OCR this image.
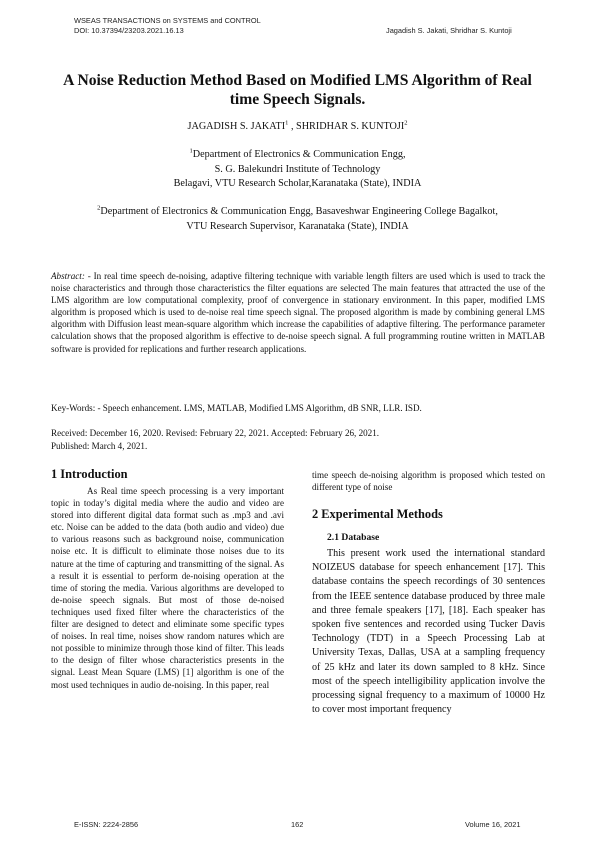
WSEAS TRANSACTIONS on SYSTEMS and CONTROL
DOI: 10.37394/23203.2021.16.13	Jagadish S. Jakati, Shridhar S. Kuntoji
A Noise Reduction Method Based on Modified LMS Algorithm of Real
time Speech Signals.
JAGADISH S. JAKATI$^1$ , SHRIDHAR S. KUNTOJI$^2$
$^1$Department of Electronics & Communication Engg,
S. G. Balekundri Institute of Technology
Belagavi, VTU Research Scholar,Karanataka (State), INDIA
$^2$Department of Electronics & Communication Engg, Basaveshwar Engineering College Bagalkot,
VTU Research Supervisor, Karanataka (State), INDIA
Abstract: - In real time speech de-noising, adaptive filtering technique with variable length filters are used which is used to track the noise characteristics and through those characteristics the filter equations are selected The main features that attracted the use of the LMS algorithm are low computational complexity, proof of convergence in stationary environment. In this paper, modified LMS algorithm is proposed which is used to de-noise real time speech signal. The proposed algorithm is made by combining general LMS algorithm with Diffusion least mean-square algorithm which increase the capabilities of adaptive filtering. The performance parameter calculation shows that the proposed algorithm is effective to de-noise speech signal. A full programming routine written in MATLAB software is provided for replications and further research applications.
Key-Words: - Speech enhancement. LMS, MATLAB, Modified LMS Algorithm, dB SNR, LLR. ISD.
Received: December 16, 2020. Revised: February 22, 2021. Accepted: February 26, 2021.
Published: March 4, 2021.
1 Introduction

As Real time speech processing is a very important topic in today’s digital media where the audio and video are stored into different digital data format such as .mp3 and .avi etc. Noise can be added to the data (both audio and video) due to various reasons such as background noise, communication noise etc. It is difficult to eliminate those noises due to its nature at the time of capturing and transmitting of the signal. As a result it is essential to perform de-noising operation at the time of storing the media. Various algorithms are developed to de-noise speech signals. But most of those de-noised techniques used fixed filter where the characteristics of the filter are designed to detect and eliminate some specific types of noises. In real time, noises show random natures which are not possible to minimize through those kind of filter. This leads to the design of filter whose characteristics presents in the signal. Least Mean Square (LMS) [1] algorithm is one of the most used techniques in audio de-noising. In this paper, real

time speech de-noising algorithm is proposed which tested on different type of noise
2 Experimental Methods
2.1 Database

This present work used the international standard NOIZEUS database for speech enhancement [17]. This database contains the speech recordings of 30 sentences from the IEEE sentence database produced by three male and three female speakers [17], [18]. Each speaker has spoken five sentences and recorded using Tucker Davis Technology (TDT) in a Speech Processing Lab at University Texas, Dallas, USA at a sampling frequency of 25 kHz and later its down sampled to 8 kHz. Since most of the speech intelligibility application involve the processing signal frequency to a maximum of 10000 Hz to cover most important frequency

E-ISSN: 2224-2856	162	Volume 16, 2021
